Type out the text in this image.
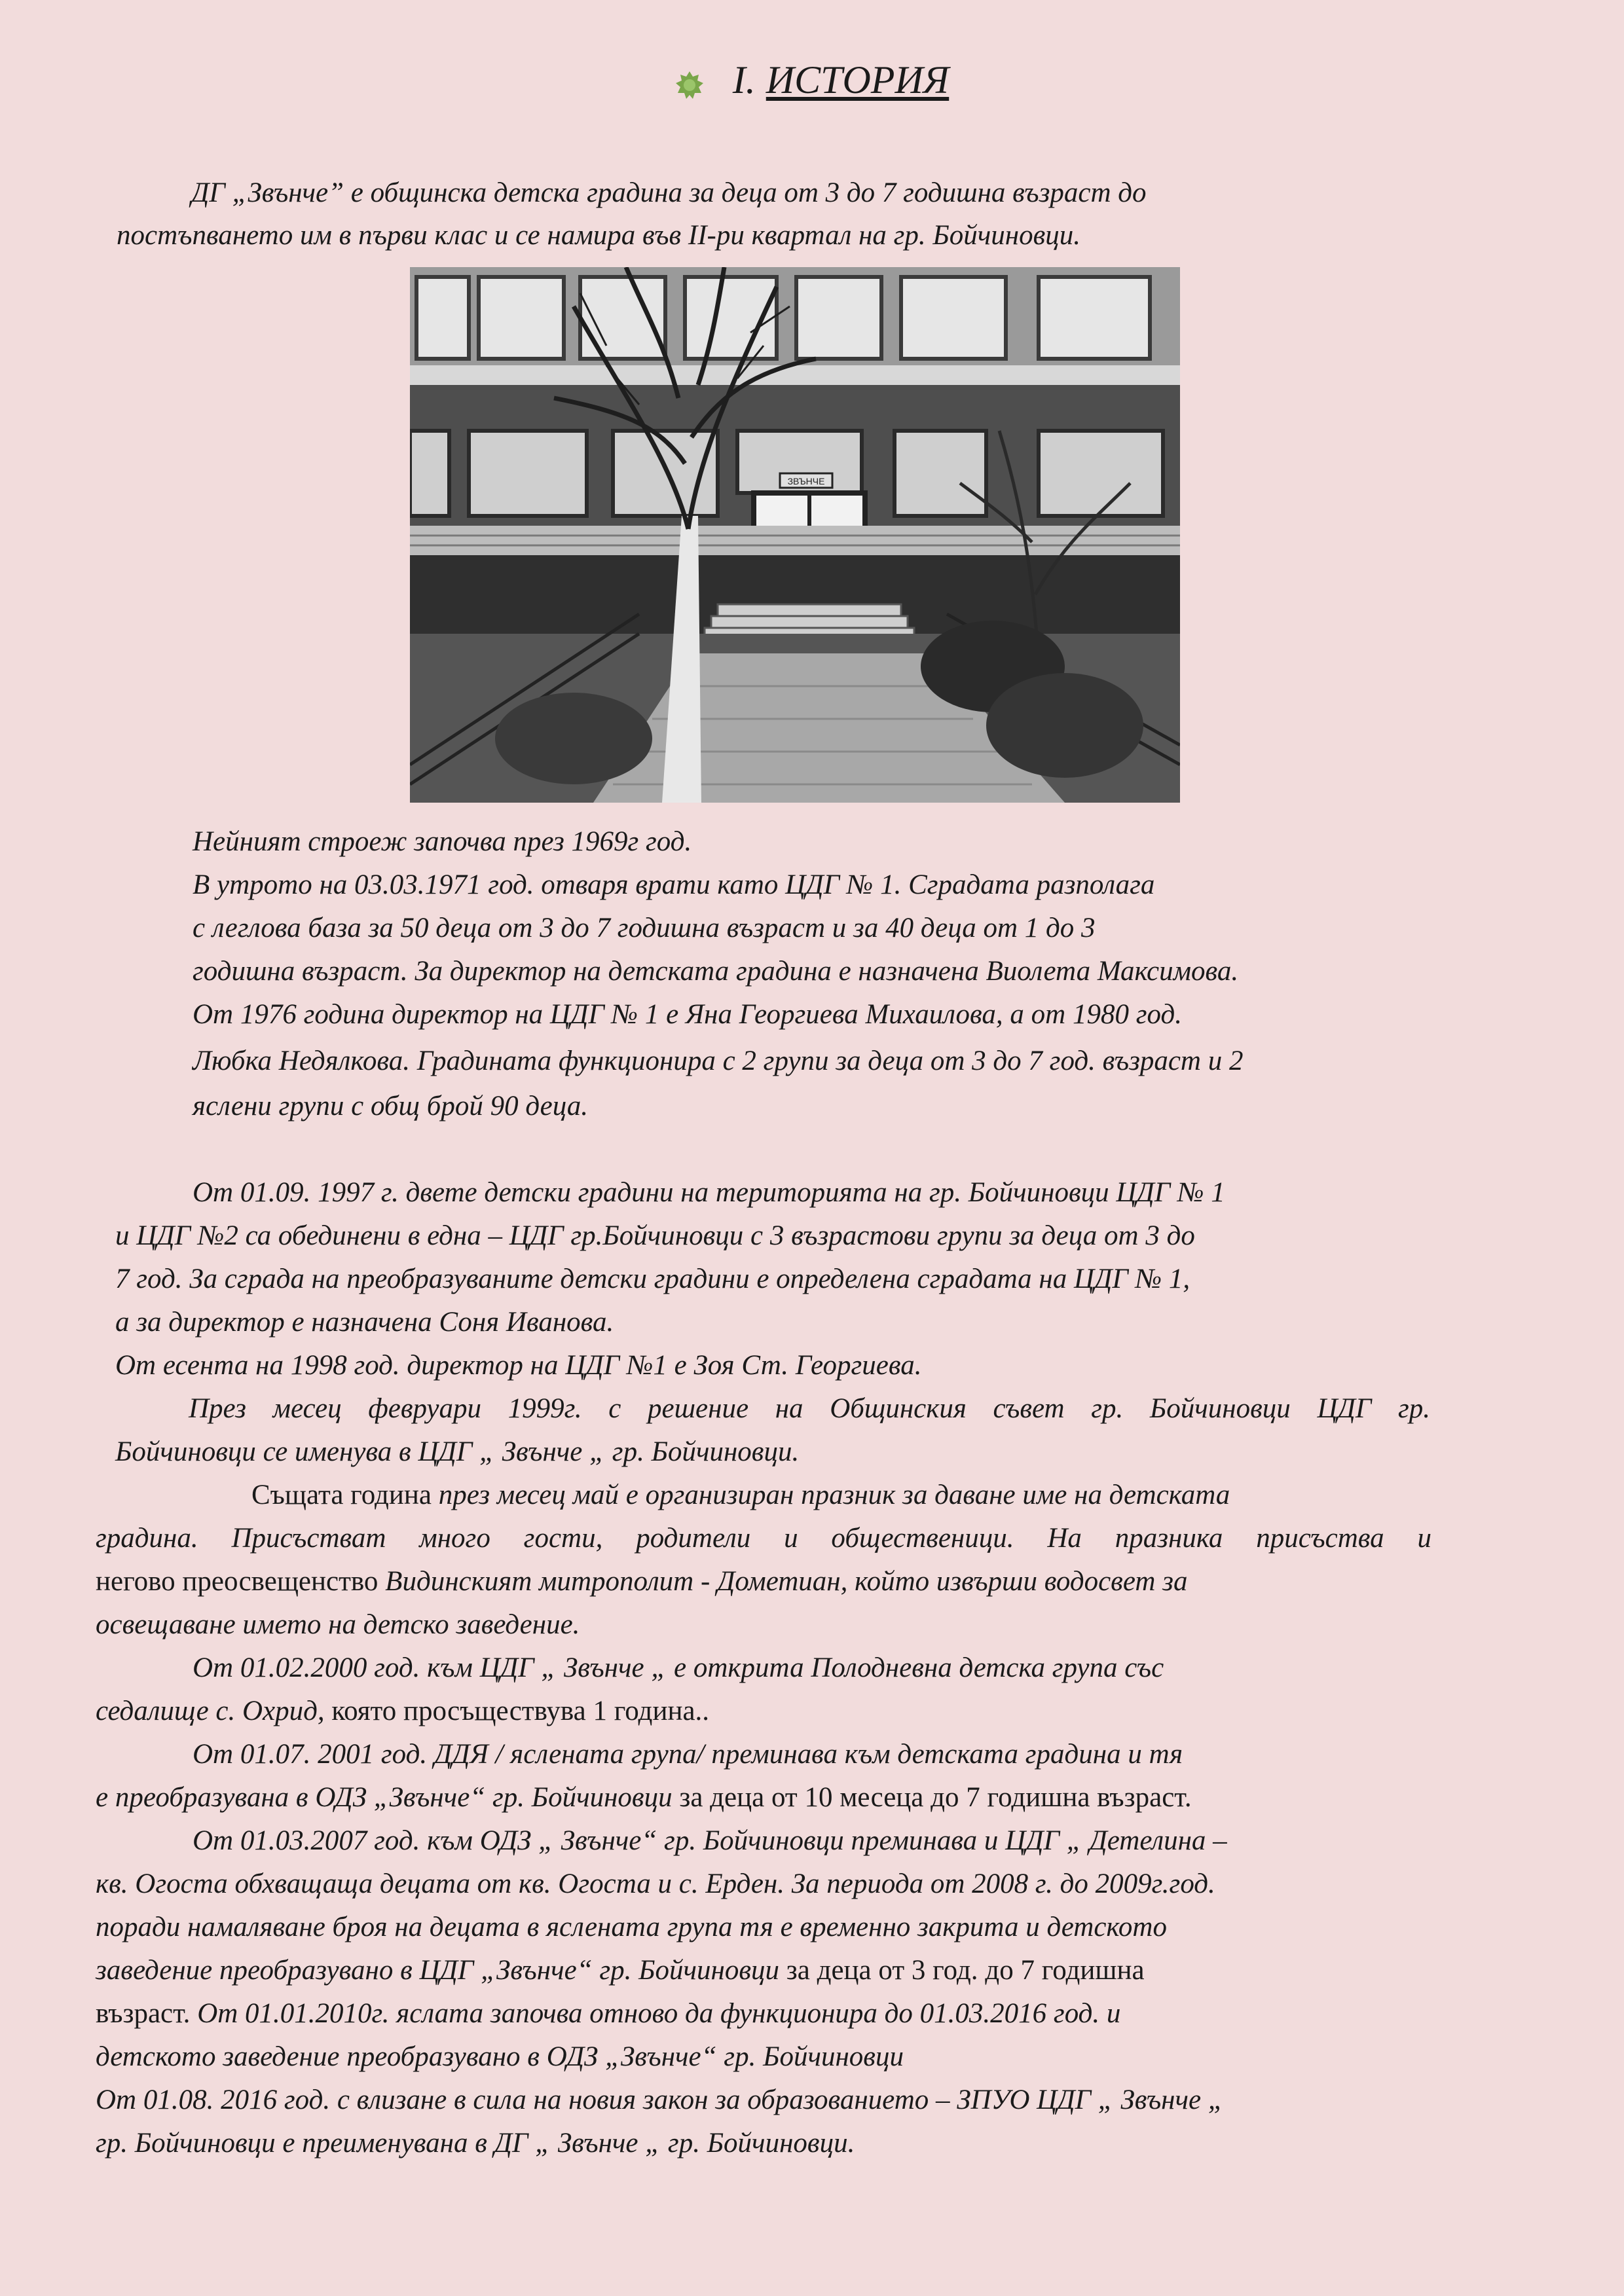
I. ИСТОРИЯ
ДГ „Звънче” е общинска детска градина за деца от 3 до 7 годишна възраст до
постъпването им в първи клас и се намира във II-ри квартал на гр. Бойчиновци.
ЗВЪНЧЕ
Нейният строеж започва през 1969г год.
В утрото на 03.03.1971 год. отваря врати като ЦДГ № 1. Сградата разполага
с леглова база за 50 деца от 3 до 7 годишна възраст и за 40 деца от 1 до 3
годишна възраст. За директор на детската градина е назначена Виолета Максимова.
От 1976 година директор на ЦДГ № 1 е Яна Георгиева Михаилова, а от 1980 год.
Любка Недялкова. Градината функционира с 2 групи за деца от 3 до 7 год. възраст и 2
яслени групи с общ брой 90 деца.
От 01.09. 1997 г. двете детски градини на територията на гр. Бойчиновци ЦДГ № 1
и ЦДГ №2 са обединени в една – ЦДГ гр.Бойчиновци с 3 възрастови групи за деца от 3 до
7 год. За сграда на преобразуваните детски градини е определена сградата на ЦДГ № 1,
а за директор е назначена Соня Иванова.
От есента на 1998 год. директор на ЦДГ №1 е Зоя Ст. Георгиева.
През месец февруари 1999г. с решение на Общинския съвет гр. Бойчиновци ЦДГ гр.
Бойчиновци се именува в ЦДГ „ Звънче „ гр. Бойчиновци.
Същата година през месец май е организиран празник за даване име на детската
градина. Присъстват много гости, родители и общественици. На празника присъства и
негово преосвещенство Видинският митрополит - Дометиан, който извърши водосвет за
освещаване името на детско заведение.
От 01.02.2000 год. към ЦДГ „ Звънче „ е открита Полодневна детска група със
седалище с. Охрид, която просъществува 1 година..
От 01.07. 2001 год. ДДЯ / яслената група/ преминава към детската градина и тя
е преобразувана в ОДЗ „Звънче“ гр. Бойчиновци за деца от 10 месеца до 7 годишна възраст.
От 01.03.2007 год. към ОДЗ „ Звънче“ гр. Бойчиновци преминава и ЦДГ „ Детелина –
кв. Огоста обхващаща децата от кв. Огоста и с. Ерден. За периода от 2008 г. до 2009г.год.
поради намаляване броя на децата в яслената група тя е временно закрита и детското
заведение преобразувано в ЦДГ „Звънче“ гр. Бойчиновци за деца от 3 год. до 7 годишна
възраст. От 01.01.2010г. яслата започва отново да функционира до 01.03.2016 год. и
детското заведение преобразувано в ОДЗ „Звънче“ гр. Бойчиновци
От 01.08. 2016 год. с влизане в сила на новия закон за образованието – ЗПУО ЦДГ „ Звънче „
гр. Бойчиновци е преименувана в ДГ „ Звънче „ гр. Бойчиновци.
